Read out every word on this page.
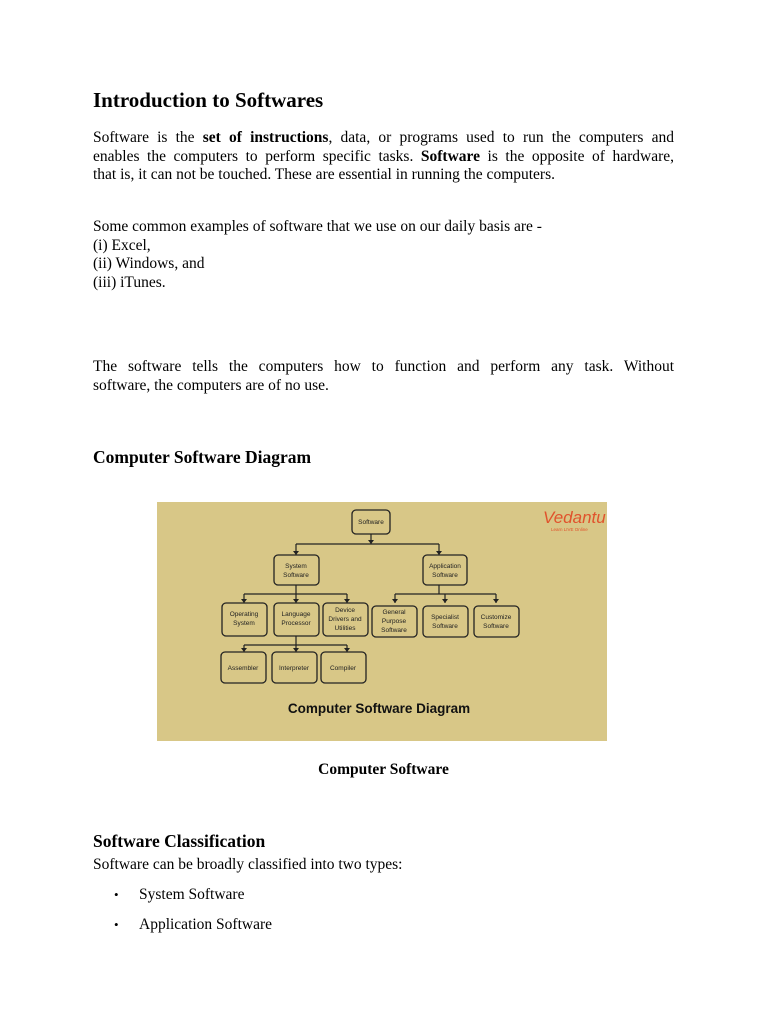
Introduction to Softwares

Software is the set of instructions, data, or programs used to run the computers and
enables the computers to perform specific tasks. Software is the opposite of hardware,
that is, it can not be touched. These are essential in running the computers.

Some common examples of software that we use on our daily basis are -
(i) Excel,
(ii) Windows, and
(iii) iTunes.

The software tells the computers how to function and perform any task. Without
software, the computers are of no use.

Computer Software Diagram
Software
System
Software
Application
Software
Operating
System
Language
Processor
Device
Drivers and
Utilities
General
Purpose
Software
Specialist
Software
Customize
Software
Assembler	Interpreter	Compiler
Computer Software Diagram
Vedantu
Learn LIVE Online

Computer Software

Software Classification

Software can be broadly classified into two types:

• System Software
• Application Software
